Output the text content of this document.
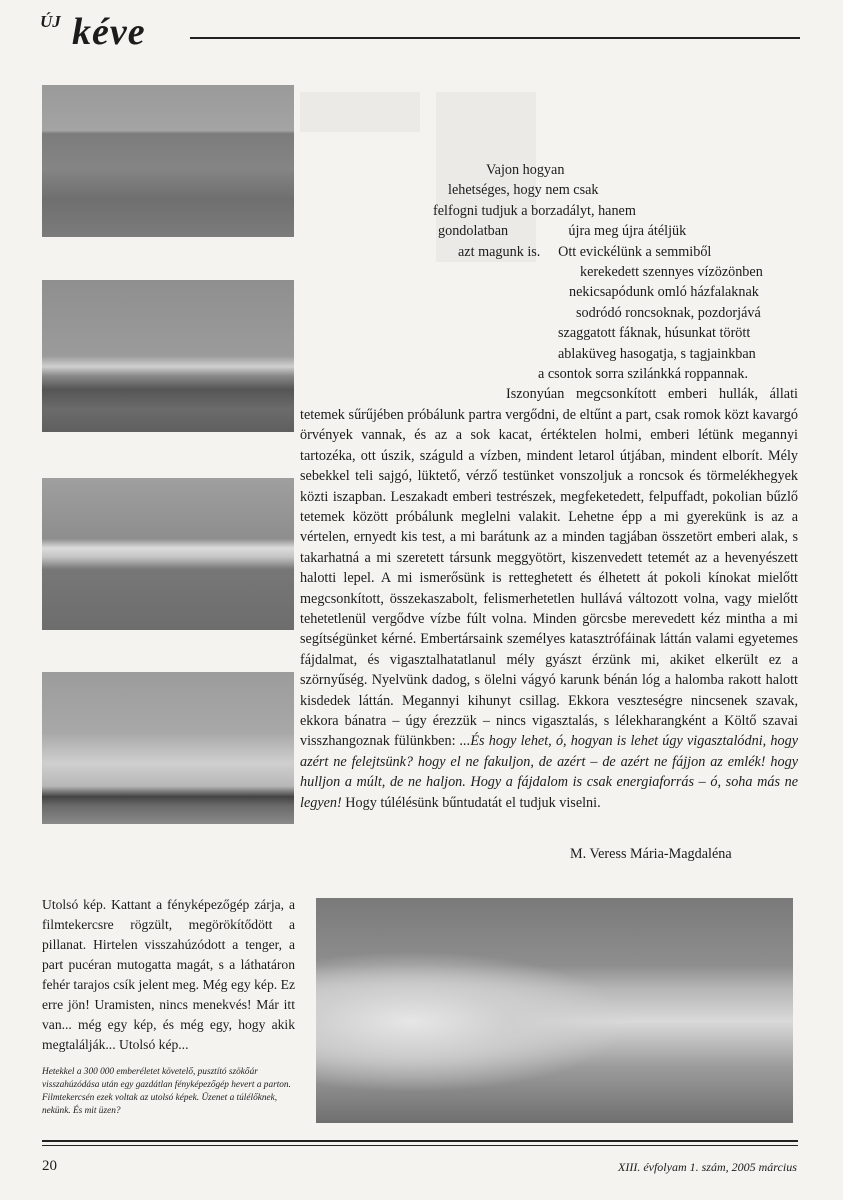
ÚJ kéve
Vajon hogyan
lehetséges, hogy nem csak
felfogni tudjuk a borzadályt, hanem
gondolatban                 újra meg újra átéljük
azt magunk is.     Ott evickélünk a semmiből
kerekedett szennyes vízözönben
nekicsapódunk omló házfalaknak
sodródó roncsoknak, pozdorjává
szaggatott fáknak, húsunkat törött
ablaküveg hasogatja, s tagjainkban
a csontok sorra szilánkká roppannak.

Iszonyúan megcsonkított emberi hullák, állati tetemek sűrűjében próbálunk partra vergődni, de eltűnt a part, csak romok közt kavargó örvények vannak, és az a sok kacat, értéktelen holmi, emberi létünk megannyi tartozéka, ott úszik, száguld a vízben, mindent letarol útjában, mindent elborít. Mély sebekkel teli sajgó, lüktető, vérző testünket vonszoljuk a roncsok és törmelékhegyek közti iszapban. Leszakadt emberi testrészek, megfeketedett, felpuffadt, pokolian bűzlő tetemek között próbálunk meglelni valakit. Lehetne épp a mi gyerekünk is az a vértelen, ernyedt kis test, a mi barátunk az a minden tagjában összetört emberi alak, s takarhatná a mi szeretett társunk meggyötört, kiszenvedett tetemét az a hevenyészett halotti lepel. A mi ismerősünk is retteghetett és élhetett át pokoli kínokat mielőtt megcsonkított, összekaszabolt, felismerhetetlen hullává változott volna, vagy mielőtt tehetetlenül vergődve vízbe fúlt volna. Minden görcsbe merevedett kéz mintha a mi segítségünket kérné. Embertársaink személyes katasztrófáinak láttán valami egyetemes fájdalmat, és vigasztalhatatlanul mély gyászt érzünk mi, akiket elkerült ez a szörnyűség. Nyelvünk dadog, s ölelni vágyó karunk bénán lóg a halomba rakott halott kisdedek láttán. Megannyi kihunyt csillag. Ekkora veszteségre nincsenek szavak, ekkora bánatra – úgy érezzük – nincs vigasztalás, s lélekharangként a Költő szavai visszhangoznak fülünkben: ...És hogy lehet, ó, hogyan is lehet úgy vigasztalódni, hogy azért ne felejtsünk? hogy el ne fakuljon, de azért – de azért ne fájjon az emlék! hogy hulljon a múlt, de ne haljon. Hogy a fájdalom is csak energiaforrás – ó, soha más ne legyen! Hogy túlélésünk bűntudatát el tudjuk viselni.

M. Veress Mária-Magdaléna
Utolsó kép. Kattant a fényképezőgép zárja, a filmtekercsre rögzült, megörökítődött a pillanat. Hirtelen visszahúzódott a tenger, a part pucéran mutogatta magát, s a láthatáron fehér tarajos csík jelent meg. Még egy kép. Ez erre jön! Uramisten, nincs menekvés! Már itt van... még egy kép, és még egy, hogy akik megtalálják... Utolsó kép...
Hetekkel a 300 000 emberéletet követelő, pusztító szökőár visszahúzódása után egy gazdátlan fényképezőgép hevert a parton. Filmtekercsén ezek voltak az utolsó képek. Üzenet a túlélőknek, nekünk. És mit üzen?
20	XIII. évfolyam 1. szám, 2005 március
